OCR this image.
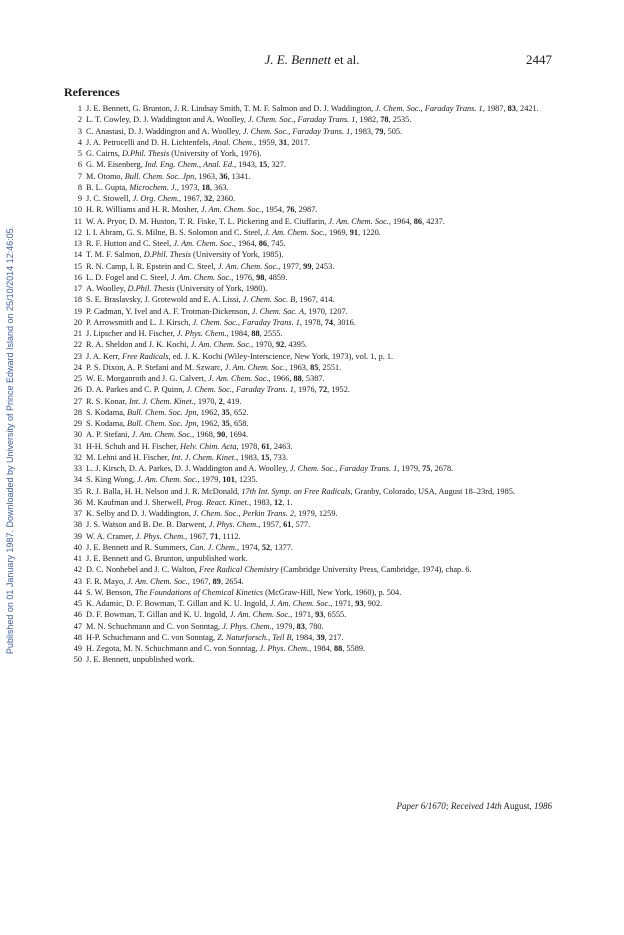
Published on 01 January 1987. Downloaded by University of Prince Edward Island on 25/10/2014 12:46:05.
J. E. Bennett et al.	2447
References
1 J. E. Bennett, G. Brunton, J. R. Lindsay Smith, T. M. F. Salmon and D. J. Waddington, J. Chem. Soc., Faraday Trans. 1, 1987, 83, 2421.
2 L. T. Cowley, D. J. Waddington and A. Woolley, J. Chem. Soc., Faraday Trans. 1, 1982, 78, 2535.
3 C. Anastasi, D. J. Waddington and A. Woolley, J. Chem. Soc., Faraday Trans. 1, 1983, 79, 505.
4 J. A. Petrocelli and D. H. Lichtenfels, Anal. Chem., 1959, 31, 2017.
5 G. Cairns, D.Phil. Thesis (University of York, 1976).
6 G. M. Eisenberg, Ind. Eng. Chem., Anal. Ed., 1943, 15, 327.
7 M. Otomo, Bull. Chem. Soc. Jpn, 1963, 36, 1341.
8 B. L. Gupta, Microchem. J., 1973, 18, 363.
9 J. C. Stowell, J. Org. Chem., 1967, 32, 2360.
10 H. R. Williams and H. R. Mosher, J. Am. Chem. Soc., 1954, 76, 2987.
11 W. A. Pryor, D. M. Huston, T. R. Fiske, T. L. Pickering and E. Ciuffarin, J. Am. Chem. Soc., 1964, 86, 4237.
12 I. I. Abram, G. S. Milne, B. S. Solomon and C. Steel, J. Am. Chem. Soc., 1969, 91, 1220.
13 R. F. Hutton and C. Steel, J. Am. Chem. Soc., 1964, 86, 745.
14 T. M. F. Salmon, D.Phil. Thesis (University of York, 1985).
15 R. N. Camp, I. R. Epstein and C. Steel, J. Am. Chem. Soc., 1977, 99, 2453.
16 L. D. Fogel and C. Steel, J. Am. Chem. Soc., 1976, 98, 4859.
17 A. Woolley, D.Phil. Thesis (University of York, 1980).
18 S. E. Braslavsky, J. Grotewold and E. A. Lissi, J. Chem. Soc. B, 1967, 414.
19 P. Cadman, Y. Ivel and A. F. Trotman-Dickenson, J. Chem. Soc. A, 1970, 1207.
20 P. Arrowsmith and L. J. Kirsch, J. Chem. Soc., Faraday Trans. 1, 1978, 74, 3016.
21 J. Lipscher and H. Fischer, J. Phys. Chem., 1984, 88, 2555.
22 R. A. Sheldon and J. K. Kochi, J. Am. Chem. Soc., 1970, 92, 4395.
23 J. A. Kerr, Free Radicals, ed. J. K. Kochi (Wiley-Interscience, New York, 1973), vol. 1, p. 1.
24 P. S. Dixon, A. P. Stefani and M. Szwarc, J. Am. Chem. Soc., 1963, 85, 2551.
25 W. E. Morganroth and J. G. Calvert, J. Am. Chem. Soc., 1966, 88, 5387.
26 D. A. Parkes and C. P. Quinn, J. Chem. Soc., Faraday Trans. 1, 1976, 72, 1952.
27 R. S. Konar, Int. J. Chem. Kinet., 1970, 2, 419.
28 S. Kodama, Bull. Chem. Soc. Jpn, 1962, 35, 652.
29 S. Kodama, Bull. Chem. Soc. Jpn, 1962, 35, 658.
30 A. P. Stefani, J. Am. Chem. Soc., 1968, 90, 1694.
31 H-H. Schuh and H. Fischer, Helv. Chim. Acta, 1978, 61, 2463.
32 M. Lehni and H. Fischer, Int. J. Chem. Kinet., 1983, 15, 733.
33 L. J. Kirsch, D. A. Parkes, D. J. Waddington and A. Woolley, J. Chem. Soc., Faraday Trans. 1, 1979, 75, 2678.
34 S. King Wong, J. Am. Chem. Soc., 1979, 101, 1235.
35 R. J. Balla, H. H. Nelson and J. R. McDonald, 17th Int. Symp. on Free Radicals, Granby, Colorado, USA, August 18–23rd, 1985.
36 M. Kaufman and J. Sherwell, Prog. React. Kinet., 1983, 12, 1.
37 K. Selby and D. J. Waddington, J. Chem. Soc., Perkin Trans. 2, 1979, 1259.
38 J. S. Watson and B. De. B. Darwent, J. Phys. Chem., 1957, 61, 577.
39 W. A. Cramer, J. Phys. Chem., 1967, 71, 1112.
40 J. E. Bennett and R. Summers, Can. J. Chem., 1974, 52, 1377.
41 J. E. Bennett and G. Brunton, unpublished work.
42 D. C. Nonhebel and J. C. Walton, Free Radical Chemistry (Cambridge University Press, Cambridge, 1974), chap. 6.
43 F. R. Mayo, J. Am. Chem. Soc., 1967, 89, 2654.
44 S. W. Benson, The Foundations of Chemical Kinetics (McGraw-Hill, New York, 1960), p. 504.
45 K. Adamic, D. F. Bowman, T. Gillan and K. U. Ingold, J. Am. Chem. Soc., 1971, 93, 902.
46 D. F. Bowman, T. Gillan and K. U. Ingold, J. Am. Chem. Soc., 1971, 93, 6555.
47 M. N. Schuchmann and C. von Sonntag, J. Phys. Chem., 1979, 83, 780.
48 H-P. Schuchmann and C. von Sonntag, Z. Naturforsch., Teil B, 1984, 39, 217.
49 H. Zegota, M. N. Schuchmann and C. von Sonntag, J. Phys. Chem., 1984, 88, 5589.
50 J. E. Bennett, unpublished work.
Paper 6/1670; Received 14th August, 1986
